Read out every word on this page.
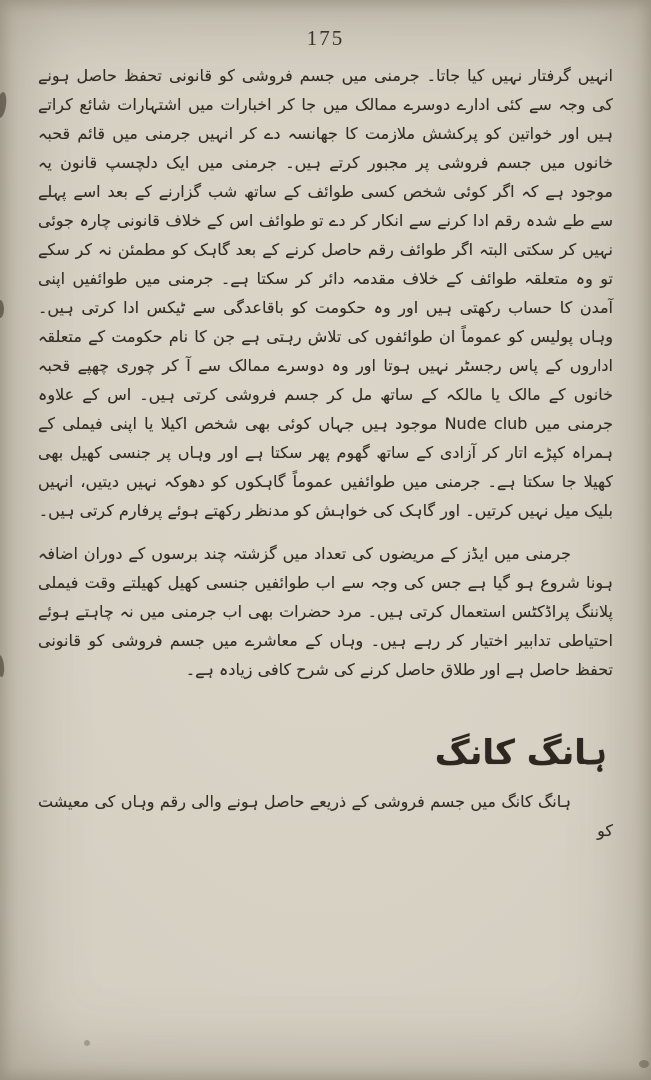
175

انہیں گرفتار نہیں کیا جاتا۔ جرمنی میں جسم فروشی کو قانونی تحفظ حاصل ہونے کی وجہ سے کئی ادارے دوسرے ممالک میں جا کر اخبارات میں اشتہارات شائع کراتے ہیں اور خواتین کو پرکشش ملازمت کا جھانسہ دے کر انہیں جرمنی میں قائم قحبہ خانوں میں جسم فروشی پر مجبور کرتے ہیں۔ جرمنی میں ایک دلچسپ قانون یہ موجود ہے کہ اگر کوئی شخص کسی طوائف کے ساتھ شب گزارنے کے بعد اسے پہلے سے طے شدہ رقم ادا کرنے سے انکار کر دے تو طوائف اس کے خلاف قانونی چارہ جوئی نہیں کر سکتی البتہ اگر طوائف رقم حاصل کرنے کے بعد گاہک کو مطمئن نہ کر سکے تو وہ متعلقہ طوائف کے خلاف مقدمہ دائر کر سکتا ہے۔ جرمنی میں طوائفیں اپنی آمدن کا حساب رکھتی ہیں اور وہ حکومت کو باقاعدگی سے ٹیکس ادا کرتی ہیں۔ وہاں پولیس کو عموماً ان طوائفوں کی تلاش رہتی ہے جن کا نام حکومت کے متعلقہ اداروں کے پاس رجسٹر نہیں ہوتا اور وہ دوسرے ممالک سے آ کر چوری چھپے قحبہ خانوں کے مالک یا مالکہ کے ساتھ مل کر جسم فروشی کرتی ہیں۔ اس کے علاوہ جرمنی میں Nude club موجود ہیں جہاں کوئی بھی شخص اکیلا یا اپنی فیملی کے ہمراہ کپڑے اتار کر آزادی کے ساتھ گھوم پھر سکتا ہے اور وہاں پر جنسی کھیل بھی کھیلا جا سکتا ہے۔ جرمنی میں طوائفیں عموماً گاہکوں کو دھوکہ نہیں دیتیں، انہیں بلیک میل نہیں کرتیں۔ اور گاہک کی خواہش کو مدنظر رکھتے ہوئے پرفارم کرتی ہیں۔

جرمنی میں ایڈز کے مریضوں کی تعداد میں گزشتہ چند برسوں کے دوران اضافہ ہونا شروع ہو گیا ہے جس کی وجہ سے اب طوائفیں جنسی کھیل کھیلتے وقت فیملی پلاننگ پراڈکٹس استعمال کرتی ہیں۔ مرد حضرات بھی اب جرمنی میں نہ چاہتے ہوئے احتیاطی تدابیر اختیار کر رہے ہیں۔ وہاں کے معاشرے میں جسم فروشی کو قانونی تحفظ حاصل ہے اور طلاق حاصل کرنے کی شرح کافی زیادہ ہے۔

ہانگ کانگ

ہانگ کانگ میں جسم فروشی کے ذریعے حاصل ہونے والی رقم وہاں کی معیشت کو
